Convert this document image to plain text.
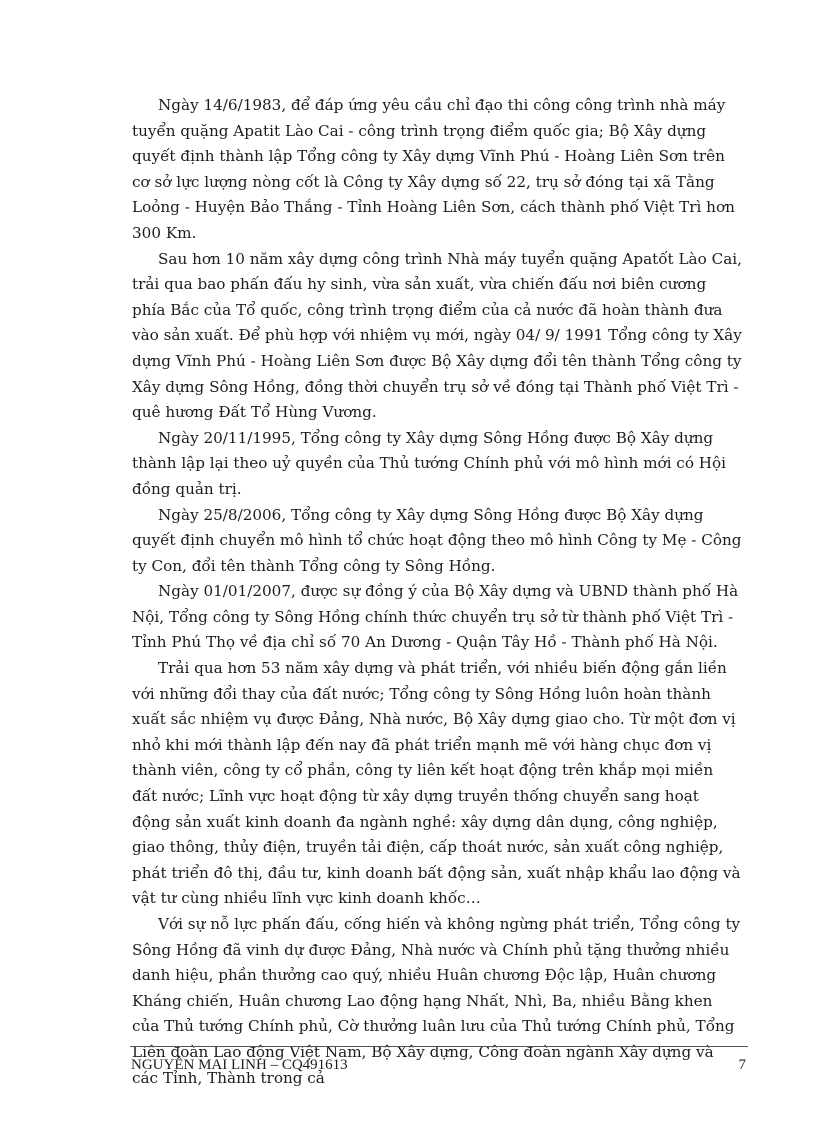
Ngày 14/6/1983, để đáp ứng yêu cầu chỉ đạo thi công công trình nhà máy tuyển quặng Apatit Lào Cai - công trình trọng điểm quốc gia; Bộ Xây dựng quyết định thành lập Tổng công ty Xây dựng Vĩnh Phú - Hoàng Liên Sơn trên cơ sở lực lượng nòng cốt là Công ty Xây dựng số 22, trụ sở đóng tại xã Tằng Loỏng - Huyện Bảo Thắng - Tỉnh Hoàng Liên Sơn, cách thành phố Việt Trì hơn 300 Km.

Sau hơn 10 năm xây dựng công trình Nhà máy tuyển quặng Apatốt Lào Cai, trải qua bao phấn đấu hy sinh, vừa sản xuất, vừa chiến đấu nơi biên cương phía Bắc của Tổ quốc, công trình trọng điểm của cả nước đã hoàn thành đưa vào sản xuất. Để phù hợp với nhiệm vụ mới, ngày 04/ 9/ 1991 Tổng công ty Xây dựng Vĩnh Phú - Hoàng Liên Sơn được Bộ Xây dựng đổi tên thành Tổng công ty Xây dựng Sông Hồng, đồng thời chuyển trụ sở về đóng tại Thành phố Việt Trì - quê hương Đất Tổ Hùng Vương.

Ngày 20/11/1995, Tổng công ty Xây dựng Sông Hồng được Bộ Xây dựng thành lập lại theo uỷ quyền của Thủ tướng Chính phủ với mô hình mới có Hội đồng quản trị.

Ngày 25/8/2006, Tổng công ty Xây dựng Sông Hồng được Bộ Xây dựng quyết định chuyển mô hình tổ chức hoạt động theo mô hình Công ty Mẹ - Công ty Con, đổi tên thành Tổng công ty Sông Hồng.

Ngày 01/01/2007, được sự đồng ý của Bộ Xây dựng và UBND thành phố Hà Nội, Tổng công ty Sông Hồng chính thức chuyển trụ sở từ thành phố Việt Trì - Tỉnh Phú Thọ về địa chỉ số 70 An Dương - Quận Tây Hồ - Thành phố Hà Nội.

Trải qua hơn 53 năm xây dựng và phát triển, với nhiều biến động gắn liền với những đổi thay của đất nước; Tổng công ty Sông Hồng luôn hoàn thành xuất sắc nhiệm vụ được Đảng, Nhà nước, Bộ Xây dựng giao cho. Từ một đơn vị nhỏ khi mới thành lập đến nay đã phát triển mạnh mẽ với hàng chục đơn vị thành viên, công ty cổ phần, công ty liên kết hoạt động trên khắp mọi miền đất nước; Lĩnh vực hoạt động từ xây dựng truyền thống chuyển sang hoạt động sản xuất kinh doanh đa ngành nghề: xây dựng dân dụng, công nghiệp, giao thông, thủy điện, truyền tải điện, cấp thoát nước, sản xuất công nghiệp, phát triển đô thị, đầu tư, kinh doanh bất động sản, xuất nhập khẩu lao động và vật tư cùng nhiều lĩnh vực kinh doanh khốc…

Với sự nỗ lực phấn đấu, cống hiến và không ngừng phát triển, Tổng công ty Sông Hồng đã vinh dự được Đảng, Nhà nước và Chính phủ tặng thưởng nhiều danh hiệu, phần thưởng cao quý, nhiều Huân chương Độc lập, Huân chương Kháng chiến, Huân chương Lao động hạng Nhất, Nhì, Ba, nhiều Bằng khen của Thủ tướng Chính phủ, Cờ thưởng luân lưu của Thủ tướng Chính phủ, Tổng Liên đoàn Lao động Việt Nam, Bộ Xây dựng, Công đoàn ngành Xây dựng và các Tỉnh, Thành trong cả

NGUYỄN MAI LINH – CQ491613	7
